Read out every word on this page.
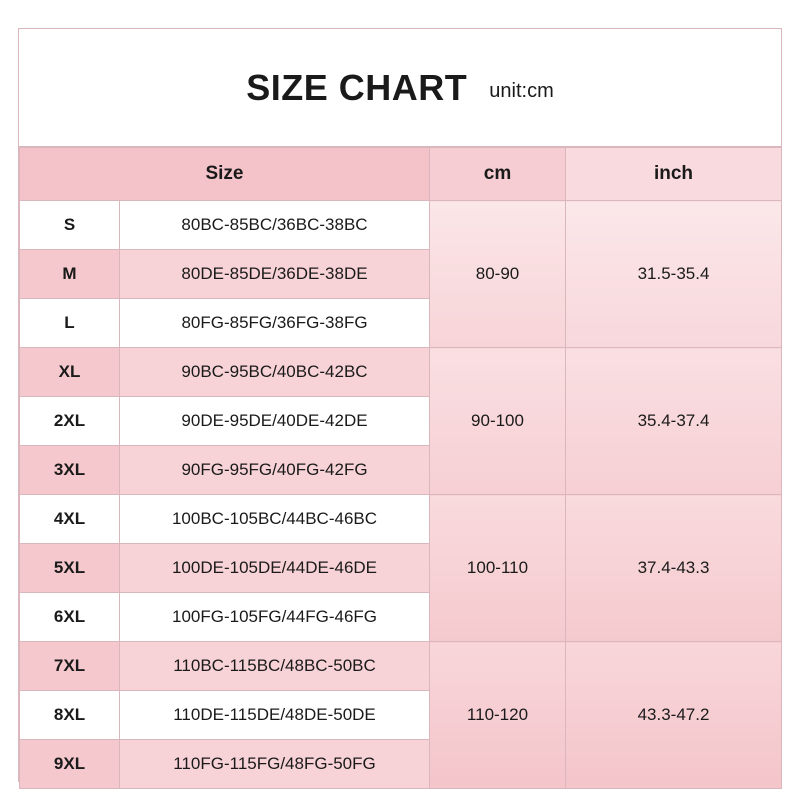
SIZE CHART unit:cm
Size		cm	inch
S	80BC-85BC/36BC-38BC	80-90	31.5-35.4
M	80DE-85DE/36DE-38DE		
L	80FG-85FG/36FG-38FG		
XL	90BC-95BC/40BC-42BC	90-100	35.4-37.4
2XL	90DE-95DE/40DE-42DE		
3XL	90FG-95FG/40FG-42FG		
4XL	100BC-105BC/44BC-46BC	100-110	37.4-43.3
5XL	100DE-105DE/44DE-46DE		
6XL	100FG-105FG/44FG-46FG		
7XL	110BC-115BC/48BC-50BC	110-120	43.3-47.2
8XL	110DE-115DE/48DE-50DE		
9XL	110FG-115FG/48FG-50FG		
